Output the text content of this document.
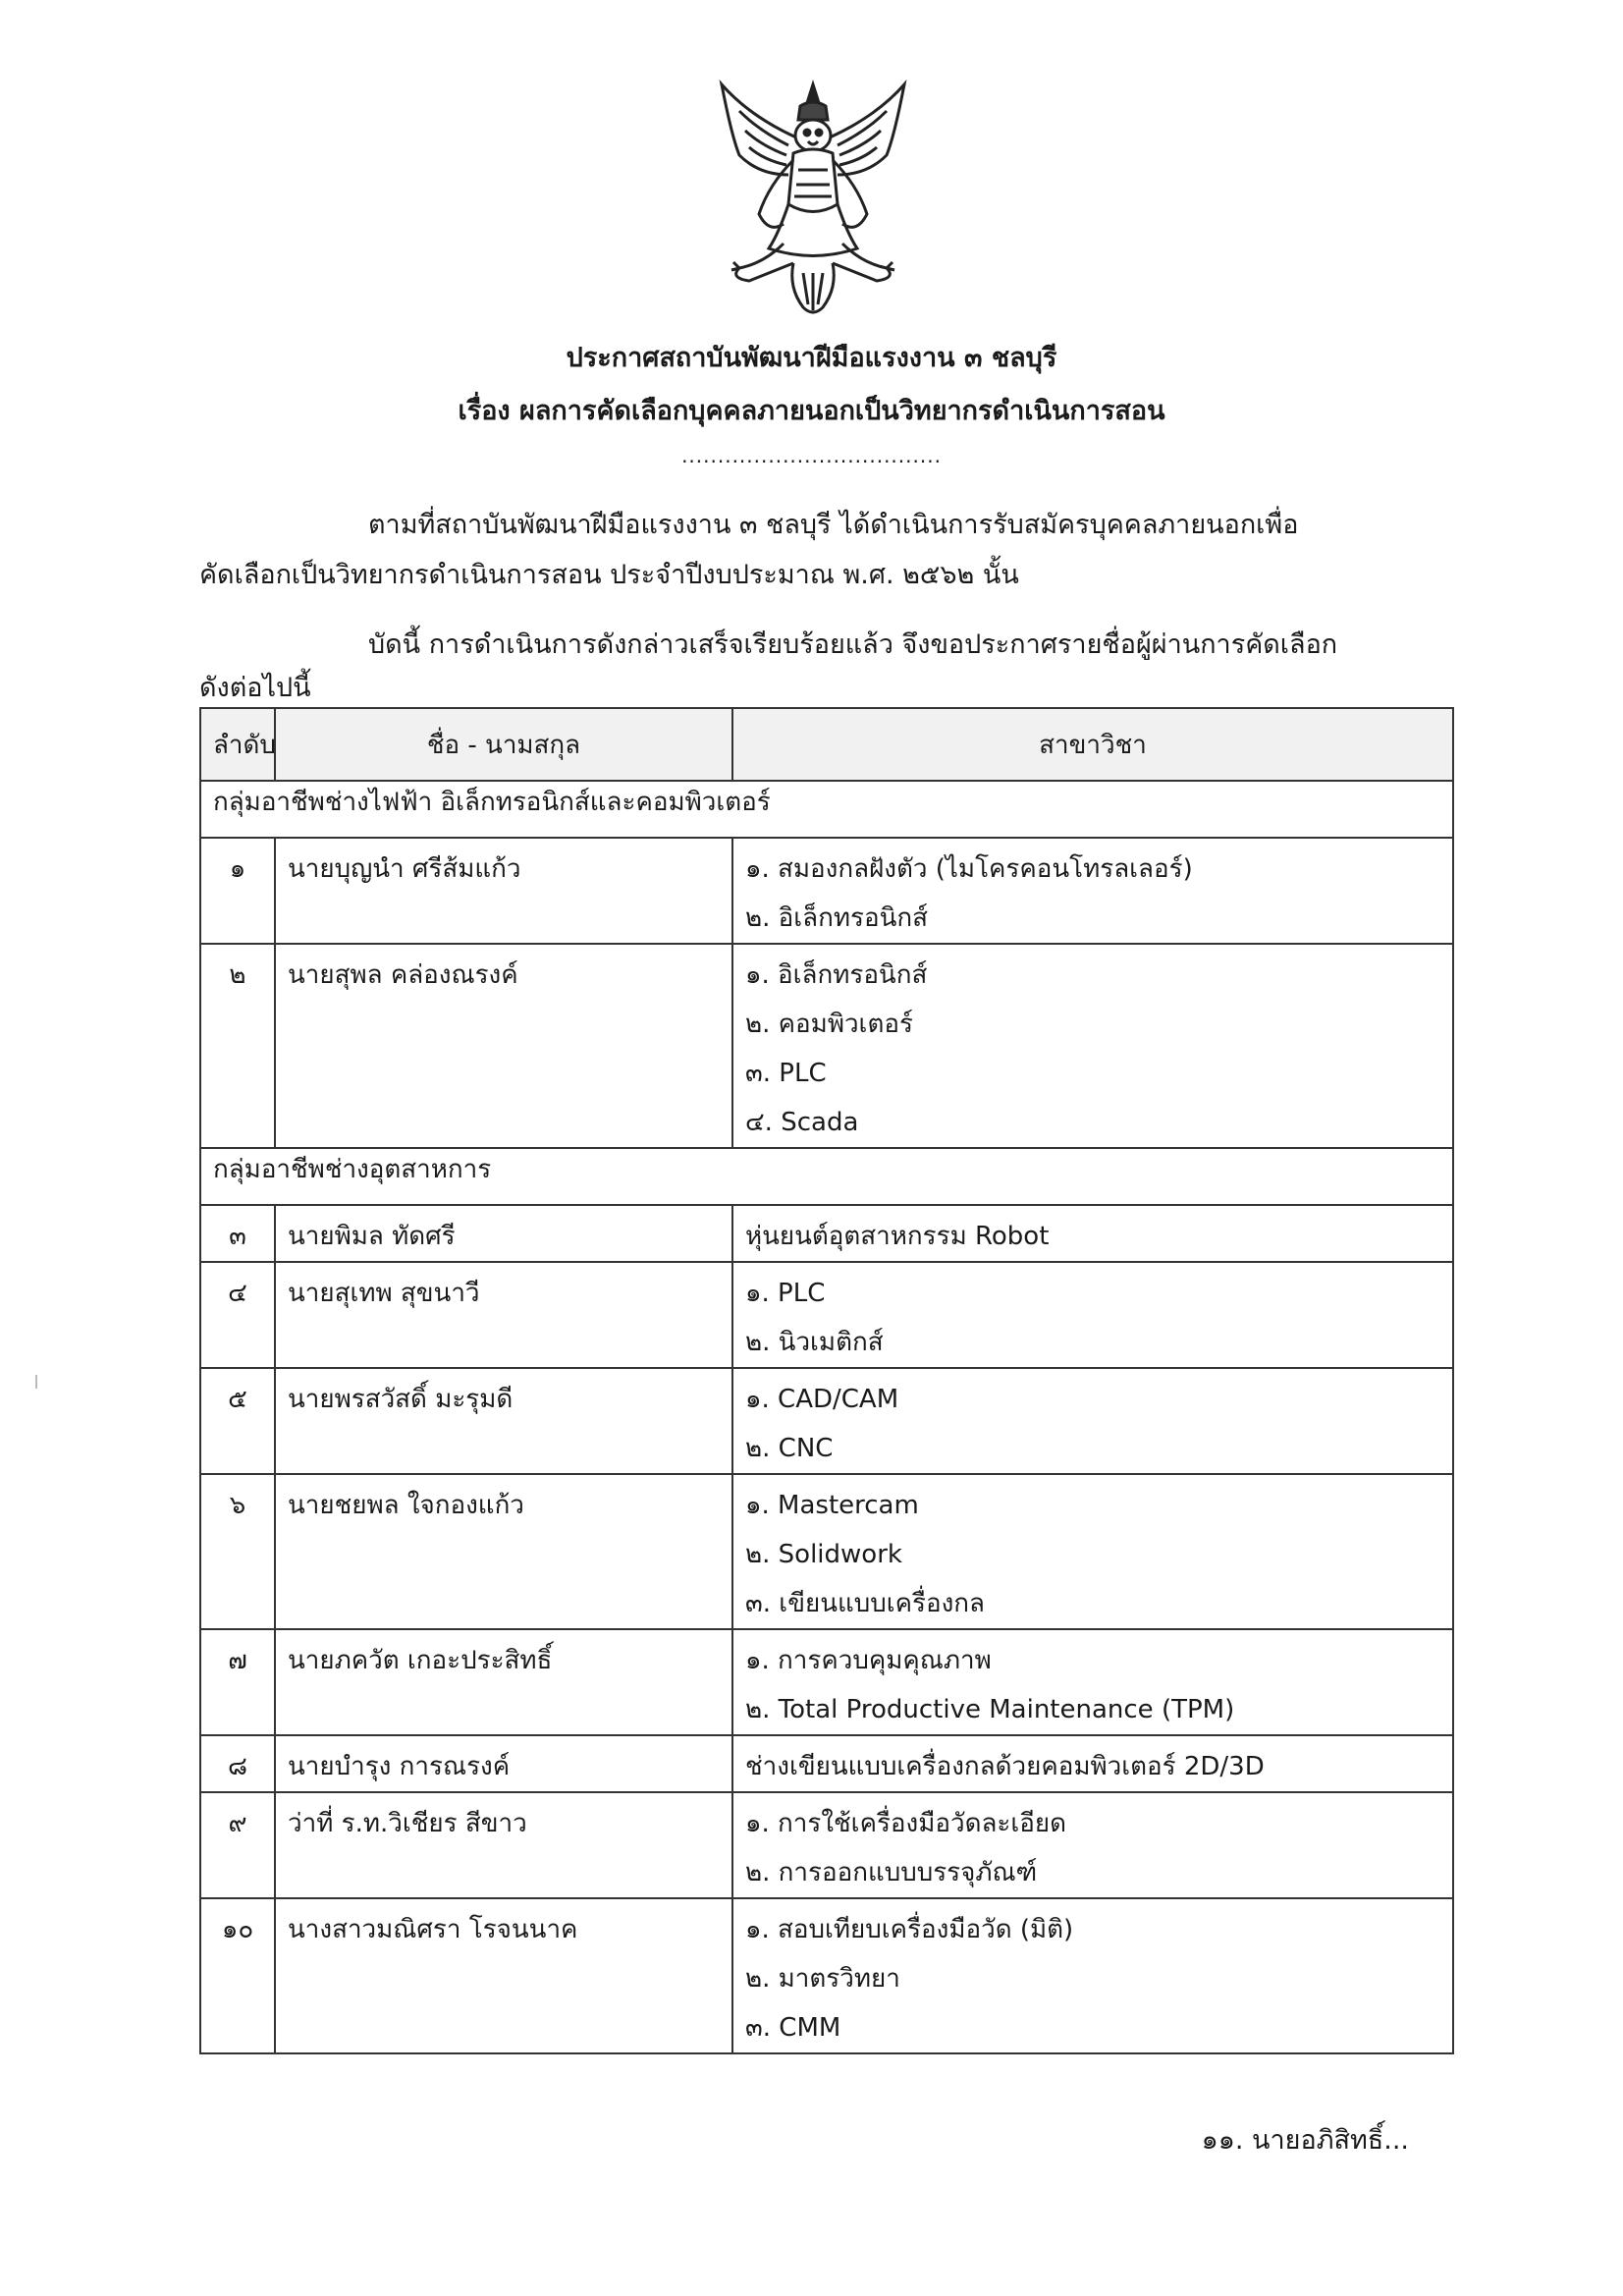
ประกาศสถาบันพัฒนาฝีมือแรงงาน ๓ ชลบุรี
เรื่อง ผลการคัดเลือกบุคคลภายนอกเป็นวิทยากรดำเนินการสอน
....................................
ตามที่สถาบันพัฒนาฝีมือแรงงาน ๓ ชลบุรี ได้ดำเนินการรับสมัครบุคคลภายนอกเพื่อ
คัดเลือกเป็นวิทยากรดำเนินการสอน ประจำปีงบประมาณ พ.ศ. ๒๕๖๒ นั้น
บัดนี้ การดำเนินการดังกล่าวเสร็จเรียบร้อยแล้ว จึงขอประกาศรายชื่อผู้ผ่านการคัดเลือก
ดังต่อไปนี้
ลำดับ	ชื่อ - นามสกุล	สาขาวิชา
กลุ่มอาชีพช่างไฟฟ้า อิเล็กทรอนิกส์และคอมพิวเตอร์		

๑	นายบุญนำ ศรีส้มแก้ว	๑. สมองกลฝังตัว (ไมโครคอนโทรลเลอร์)
๒. อิเล็กทรอนิกส์

๒	นายสุพล คล่องณรงค์	๑. อิเล็กทรอนิกส์
๒. คอมพิวเตอร์
๓. PLC
๔. Scada

กลุ่มอาชีพช่างอุตสาหการ		

๓	นายพิมล ทัดศรี	หุ่นยนต์อุตสาหกรรม Robot

๔	นายสุเทพ สุขนาวี	๑. PLC
๒. นิวเมติกส์

๕	นายพรสวัสดิ์ มะรุมดี	๑. CAD/CAM
๒. CNC

๖	นายชยพล ใจกองแก้ว	๑. Mastercam
๒. Solidwork
๓. เขียนแบบเครื่องกล

๗	นายภควัต เกอะประสิทธิ์	๑. การควบคุมคุณภาพ
๒. Total Productive Maintenance (TPM)

๘	นายบำรุง การณรงค์	ช่างเขียนแบบเครื่องกลด้วยคอมพิวเตอร์ 2D/3D

๙	ว่าที่ ร.ท.วิเชียร สีขาว	๑. การใช้เครื่องมือวัดละเอียด
๒. การออกแบบบรรจุภัณฑ์

๑๐	นางสาวมณิศรา โรจนนาค	๑. สอบเทียบเครื่องมือวัด (มิติ)
๒. มาตรวิทยา
๓. CMM
๑๑. นายอภิสิทธิ์...
